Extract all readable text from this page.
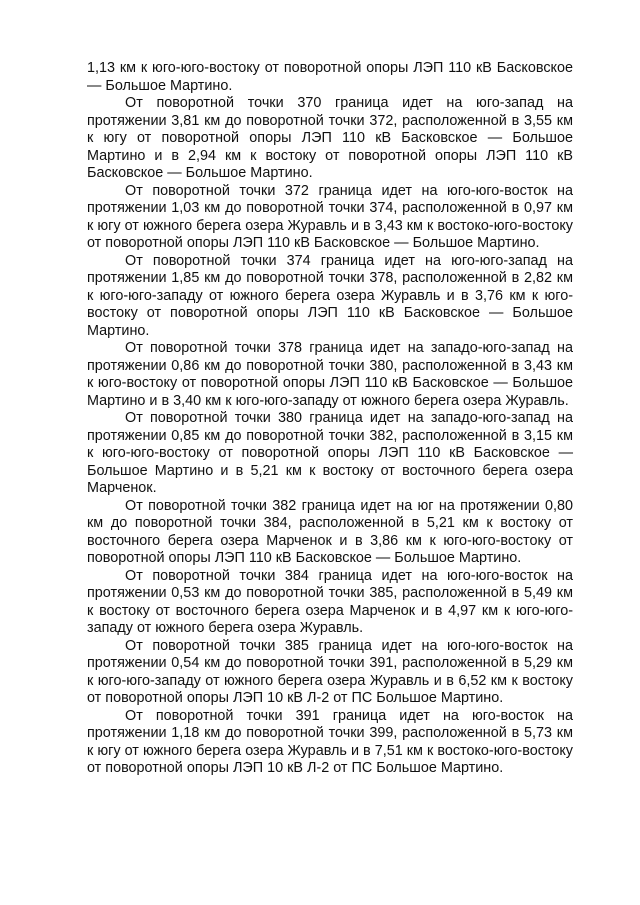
1,13 км к юго-юго-востоку от поворотной опоры ЛЭП 110 кВ Басковское — Большое Мартино.

От поворотной точки 370 граница идет на юго-запад на протяжении 3,81 км до поворотной точки 372, расположенной в 3,55 км к югу от поворотной опоры ЛЭП 110 кВ Басковское — Большое Мартино и в 2,94 км к востоку от поворотной опоры ЛЭП 110 кВ Басковское — Большое Мартино.

От поворотной точки 372 граница идет на юго-юго-восток на протяжении 1,03 км до поворотной точки 374, расположенной в 0,97 км к югу от южного берега озера Журавль и в 3,43 км к востоко-юго-востоку от поворотной опоры ЛЭП 110 кВ Басковское — Большое Мартино.

От поворотной точки 374 граница идет на юго-юго-запад на протяжении 1,85 км до поворотной точки 378, расположенной в 2,82 км к юго-юго-западу от южного берега озера Журавль и в 3,76 км к юго-востоку от поворотной опоры ЛЭП 110 кВ Басковское — Большое Мартино.

От поворотной точки 378 граница идет на западо-юго-запад на протяжении 0,86 км до поворотной точки 380, расположенной в 3,43 км к юго-востоку от поворотной опоры ЛЭП 110 кВ Басковское — Большое Мартино и в 3,40 км к юго-юго-западу от южного берега озера Журавль.

От поворотной точки 380 граница идет на западо-юго-запад на протяжении 0,85 км до поворотной точки 382, расположенной в 3,15 км к юго-юго-востоку от поворотной опоры ЛЭП 110 кВ Басковское — Большое Мартино и в 5,21 км к востоку от восточного берега озера Марченок.

От поворотной точки 382 граница идет на юг на протяжении 0,80 км до поворотной точки 384, расположенной в 5,21 км к востоку от восточного берега озера Марченок и в 3,86 км к юго-юго-востоку от поворотной опоры ЛЭП 110 кВ Басковское — Большое Мартино.

От поворотной точки 384 граница идет на юго-юго-восток на протяжении 0,53 км до поворотной точки 385, расположенной в 5,49 км к востоку от восточного берега озера Марченок и в 4,97 км к юго-юго-западу от южного берега озера Журавль.

От поворотной точки 385 граница идет на юго-юго-восток на протяжении 0,54 км до поворотной точки 391, расположенной в 5,29 км к юго-юго-западу от южного берега озера Журавль и в 6,52 км к востоку от поворотной опоры ЛЭП 10 кВ Л-2 от ПС Большое Мартино.

От поворотной точки 391 граница идет на юго-восток на протяжении 1,18 км до поворотной точки 399, расположенной в 5,73 км к югу от южного берега озера Журавль и в 7,51 км к востоко-юго-востоку от поворотной опоры ЛЭП 10 кВ Л-2 от ПС Большое Мартино.
